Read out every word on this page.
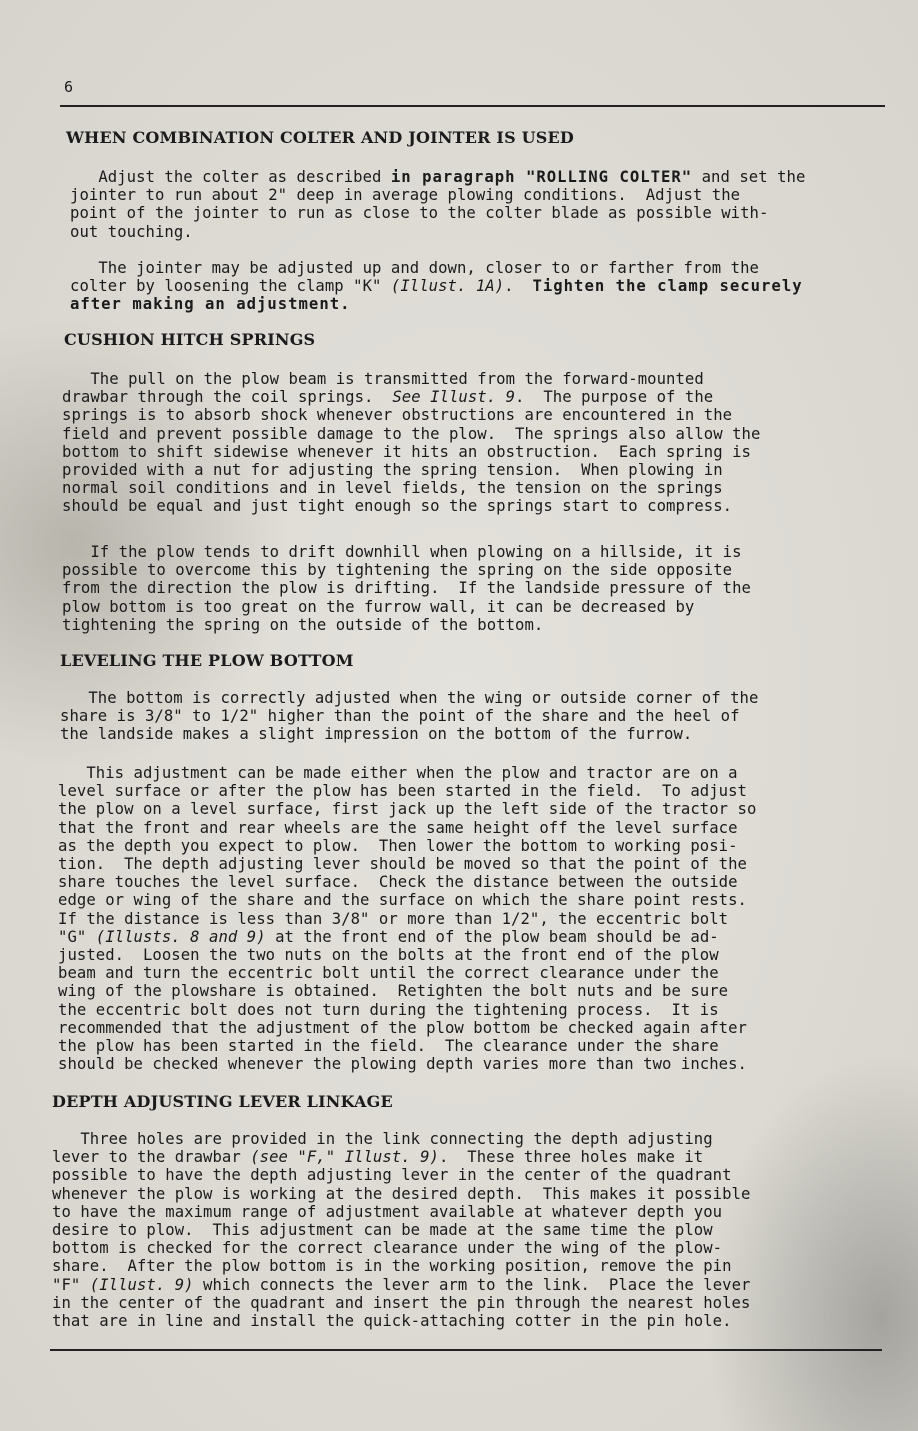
6
WHEN COMBINATION COLTER AND JOINTER IS USED
Adjust the colter as described in paragraph "ROLLING COLTER" and set the
jointer to run about 2" deep in average plowing conditions.  Adjust the
point of the jointer to run as close to the colter blade as possible with-
out touching.
The jointer may be adjusted up and down, closer to or farther from the
colter by loosening the clamp "K" (Illust. 1A).  Tighten the clamp securely
after making an adjustment.
CUSHION HITCH SPRINGS
The pull on the plow beam is transmitted from the forward-mounted
drawbar through the coil springs.  See Illust. 9.  The purpose of the
springs is to absorb shock whenever obstructions are encountered in the
field and prevent possible damage to the plow.  The springs also allow the
bottom to shift sidewise whenever it hits an obstruction.  Each spring is
provided with a nut for adjusting the spring tension.  When plowing in
normal soil conditions and in level fields, the tension on the springs
should be equal and just tight enough so the springs start to compress.
If the plow tends to drift downhill when plowing on a hillside, it is
possible to overcome this by tightening the spring on the side opposite
from the direction the plow is drifting.  If the landside pressure of the
plow bottom is too great on the furrow wall, it can be decreased by
tightening the spring on the outside of the bottom.
LEVELING THE PLOW BOTTOM
The bottom is correctly adjusted when the wing or outside corner of the
share is 3/8" to 1/2" higher than the point of the share and the heel of
the landside makes a slight impression on the bottom of the furrow.
This adjustment can be made either when the plow and tractor are on a
level surface or after the plow has been started in the field.  To adjust
the plow on a level surface, first jack up the left side of the tractor so
that the front and rear wheels are the same height off the level surface
as the depth you expect to plow.  Then lower the bottom to working posi-
tion.  The depth adjusting lever should be moved so that the point of the
share touches the level surface.  Check the distance between the outside
edge or wing of the share and the surface on which the share point rests.
If the distance is less than 3/8" or more than 1/2", the eccentric bolt
"G" (Illusts. 8 and 9) at the front end of the plow beam should be ad-
justed.  Loosen the two nuts on the bolts at the front end of the plow
beam and turn the eccentric bolt until the correct clearance under the
wing of the plowshare is obtained.  Retighten the bolt nuts and be sure
the eccentric bolt does not turn during the tightening process.  It is
recommended that the adjustment of the plow bottom be checked again after
the plow has been started in the field.  The clearance under the share
should be checked whenever the plowing depth varies more than two inches.
DEPTH ADJUSTING LEVER LINKAGE
Three holes are provided in the link connecting the depth adjusting
lever to the drawbar (see "F," Illust. 9).  These three holes make it
possible to have the depth adjusting lever in the center of the quadrant
whenever the plow is working at the desired depth.  This makes it possible
to have the maximum range of adjustment available at whatever depth you
desire to plow.  This adjustment can be made at the same time the plow
bottom is checked for the correct clearance under the wing of the plow-
share.  After the plow bottom is in the working position, remove the pin
"F" (Illust. 9) which connects the lever arm to the link.  Place the lever
in the center of the quadrant and insert the pin through the nearest holes
that are in line and install the quick-attaching cotter in the pin hole.
